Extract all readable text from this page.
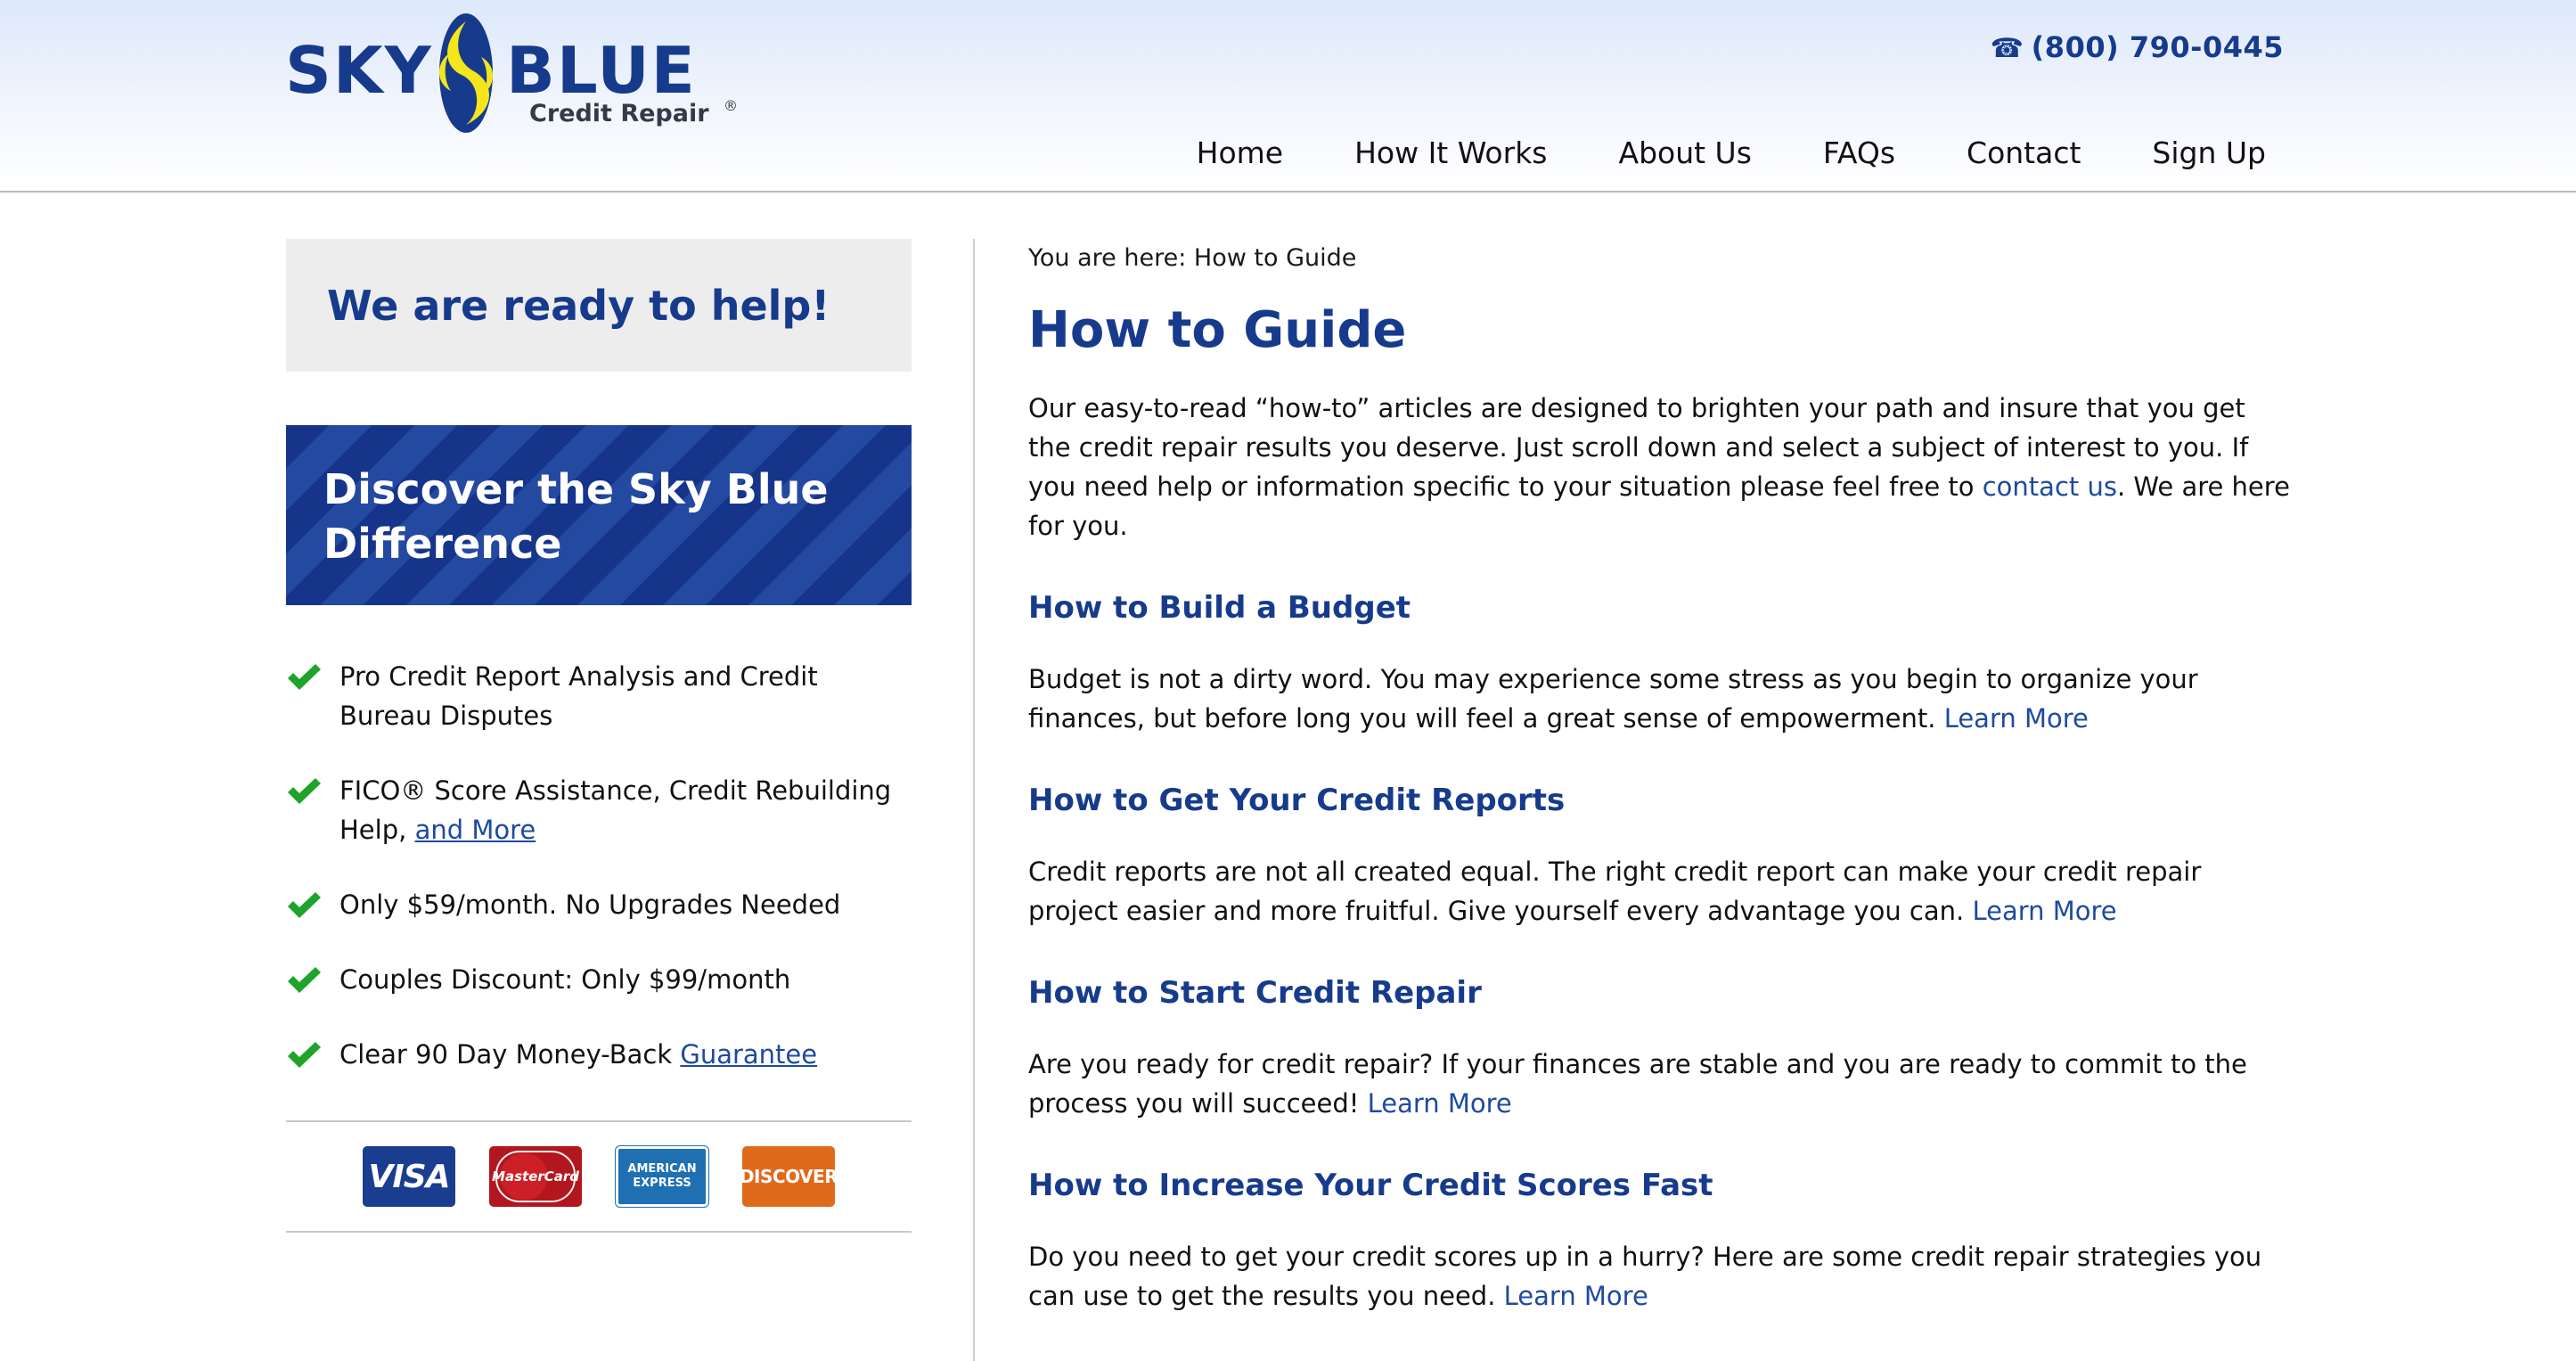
SKY BLUE
Credit Repair ®
☎ (800) 790-0445
Home How It Works About Us FAQs Contact Sign Up
We are ready to help!
Discover the Sky Blue Difference
Pro Credit Report Analysis and Credit Bureau Disputes
FICO® Score Assistance, Credit Rebuilding Help, and More
Only $59/month. No Upgrades Needed
Couples Discount: Only $99/month
Clear 90 Day Money-Back Guarantee
VISA	MasterCard	AMERICAN
EXPRESS	DISCOVER
You are here: How to Guide
How to Guide

Our easy-to-read “how-to” articles are designed to brighten your path and insure that you get the credit repair results you deserve. Just scroll down and select a subject of interest to you. If you need help or information specific to your situation please feel free to contact us. We are here for you.

How to Build a Budget
Budget is not a dirty word. You may experience some stress as you begin to organize your finances, but before long you will feel a great sense of empowerment. Learn More
How to Get Your Credit Reports
Credit reports are not all created equal. The right credit report can make your credit repair project easier and more fruitful. Give yourself every advantage you can. Learn More
How to Start Credit Repair
Are you ready for credit repair? If your finances are stable and you are ready to commit to the process you will succeed! Learn More
How to Increase Your Credit Scores Fast
Do you need to get your credit scores up in a hurry? Here are some credit repair strategies you can use to get the results you need. Learn More
